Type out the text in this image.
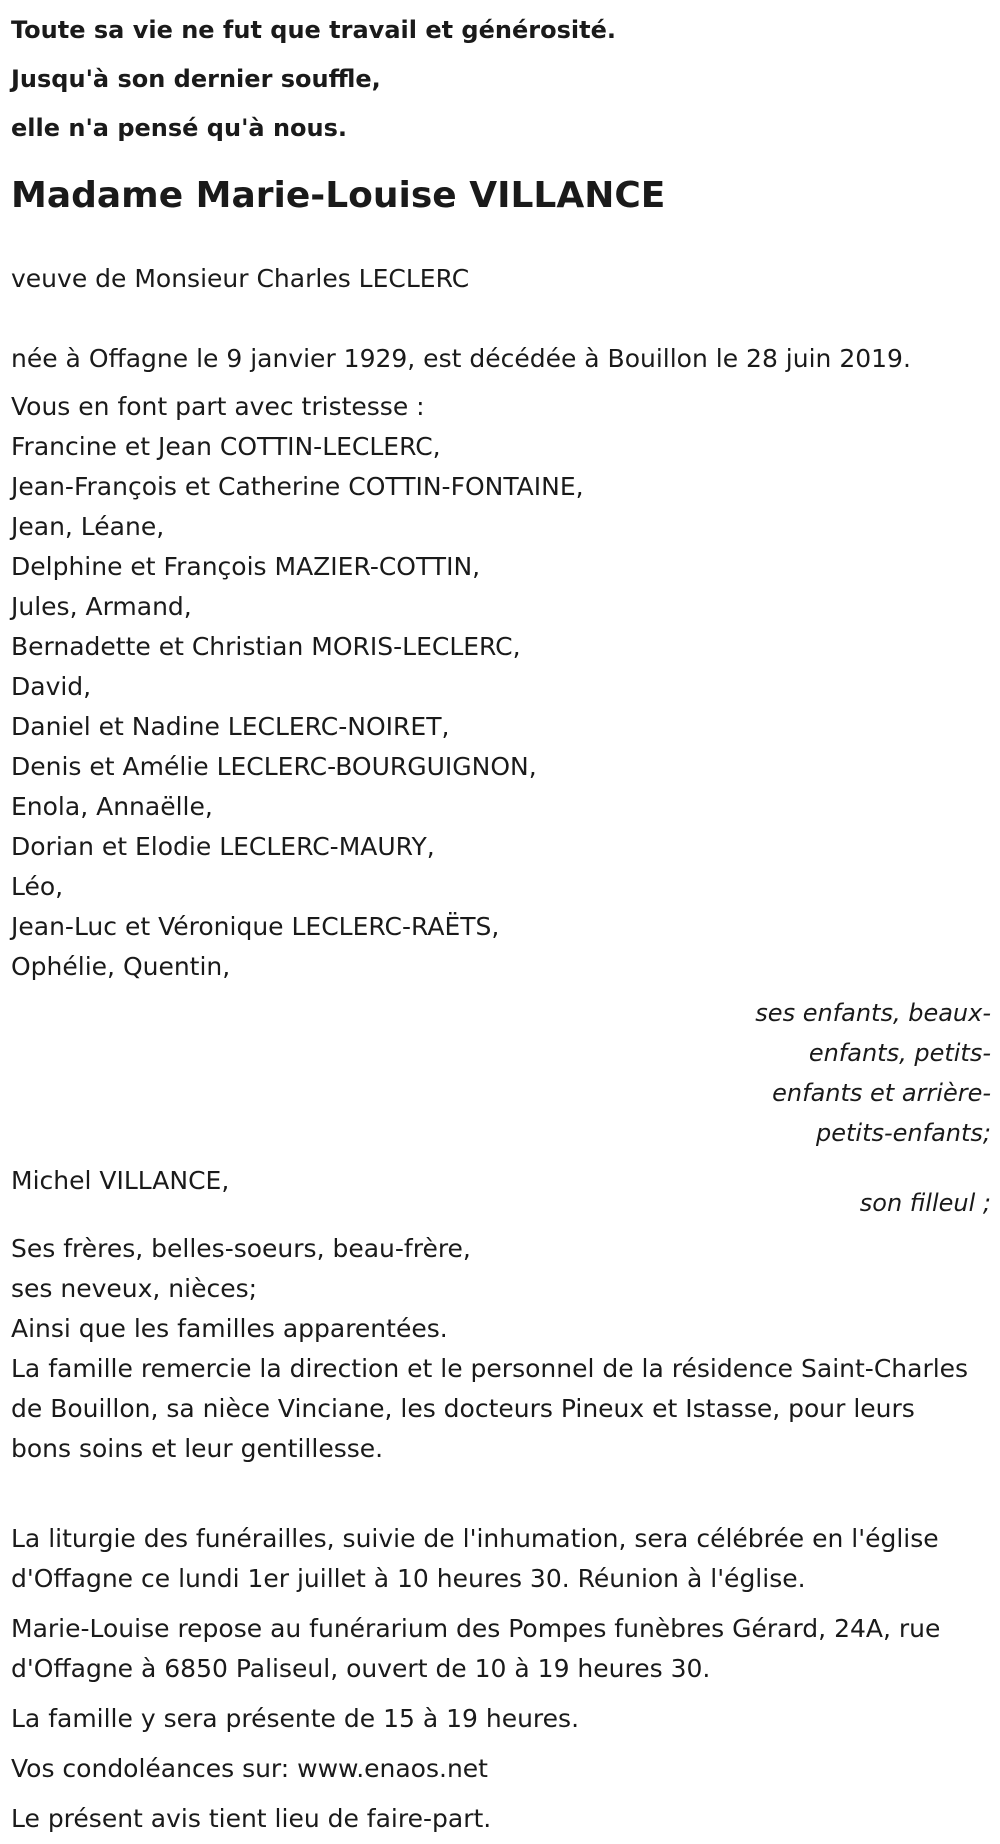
Toute sa vie ne fut que travail et générosité.
Jusqu'à son dernier souffle,
elle n'a pensé qu'à nous.
Madame Marie-Louise VILLANCE

veuve de Monsieur Charles LECLERC

née à Offagne le 9 janvier 1929, est décédée à Bouillon le 28 juin 2019.

Vous en font part avec tristesse :

Francine et Jean COTTIN-LECLERC,
Jean-François et Catherine COTTIN-FONTAINE,
Jean, Léane,
Delphine et François MAZIER-COTTIN,
Jules, Armand,
Bernadette et Christian MORIS-LECLERC,
David,
Daniel et Nadine LECLERC-NOIRET,
Denis et Amélie LECLERC-BOURGUIGNON,
Enola, Annaëlle,
Dorian et Elodie LECLERC-MAURY,
Léo,
Jean-Luc et Véronique LECLERC-RAËTS,
Ophélie, Quentin,
ses enfants, beaux-enfants, petits-enfants et arrière-petits-enfants;
Michel VILLANCE,
son filleul ;
Ses frères, belles-soeurs, beau-frère,
ses neveux, nièces;
Ainsi que les familles apparentées.

La famille remercie la direction et le personnel de la résidence Saint-Charles de Bouillon, sa nièce Vinciane, les docteurs Pineux et Istasse, pour leurs bons soins et leur gentillesse.

La liturgie des funérailles, suivie de l'inhumation, sera célébrée en l'église d'Offagne ce lundi 1er juillet à 10 heures 30. Réunion à l'église.

Marie-Louise repose au funérarium des Pompes funèbres Gérard, 24A, rue d'Offagne à 6850 Paliseul, ouvert de 10 à 19 heures 30.

La famille y sera présente de 15 à 19 heures.

Vos condoléances sur: www.enaos.net

Le présent avis tient lieu de faire-part.
